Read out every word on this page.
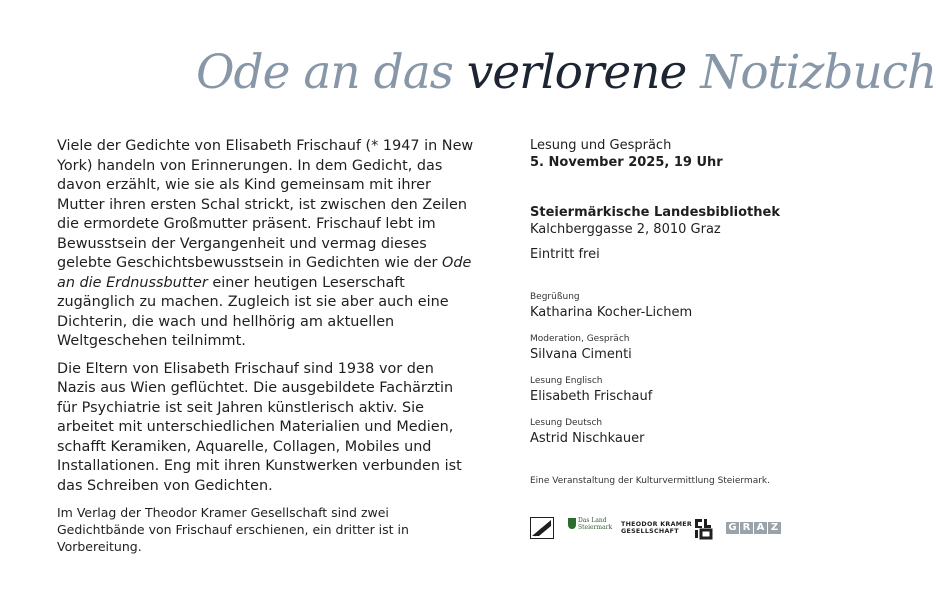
Ode an das verlorene Notizbuch

Viele der Gedichte von Elisabeth Frischauf (* 1947 in New York) handeln von Erinnerungen. In dem Gedicht, das davon erzählt, wie sie als Kind gemeinsam mit ihrer Mutter ihren ersten Schal strickt, ist zwischen den Zeilen die ermordete Großmutter präsent. Frischauf lebt im Bewusstsein der Vergangenheit und vermag dieses gelebte Geschichtsbewusstsein in Gedichten wie der Ode an die Erdnussbutter einer heutigen Leserschaft zugänglich zu machen. Zugleich ist sie aber auch eine Dichterin, die wach und hellhörig am aktuellen Weltgeschehen teilnimmt.

Die Eltern von Elisabeth Frischauf sind 1938 vor den Nazis aus Wien geflüchtet. Die ausgebildete Fachärztin für Psychiatrie ist seit Jahren künstlerisch aktiv. Sie arbeitet mit unterschiedlichen Materialien und Medien, schafft Keramiken, Aquarelle, Collagen, Mobiles und Installationen. Eng mit ihren Kunstwerken verbunden ist das Schreiben von Gedichten.

Im Verlag der Theodor Kramer Gesellschaft sind zwei Gedichtbände von Frischauf erschienen, ein dritter ist in Vorbereitung.

Lesung und Gespräch
5. November 2025, 19 Uhr
Steiermärkische Landesbibliothek
Kalchberggasse 2, 8010 Graz
Eintritt frei
Begrüßung
Katharina Kocher-Lichem
Moderation, Gespräch
Silvana Cimenti
Lesung Englisch
Elisabeth Frischauf
Lesung Deutsch
Astrid Nischkauer
Eine Veranstaltung der Kulturvermittlung Steiermark.
Das Land
Steiermark THEODOR KRAMER
GESELLSCHAFT	G R A Z
